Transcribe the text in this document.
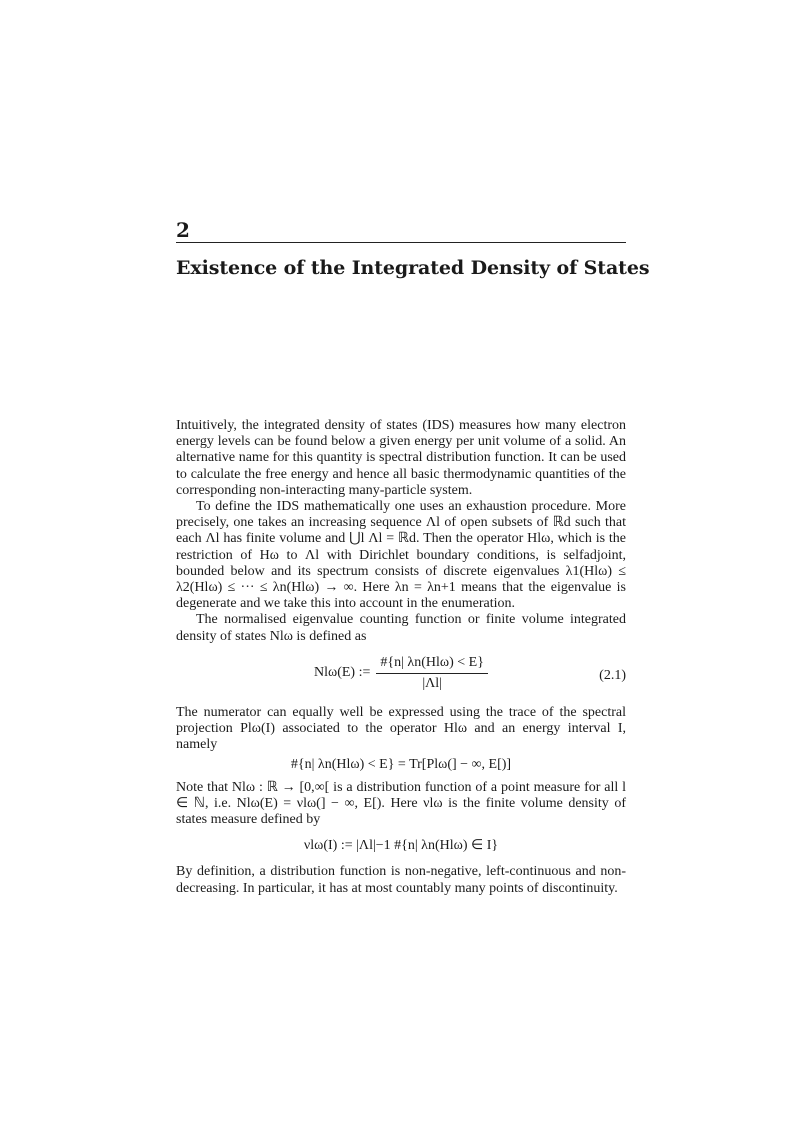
2
Existence of the Integrated Density of States

Intuitively, the integrated density of states (IDS) measures how many electron energy levels can be found below a given energy per unit volume of a solid. An alternative name for this quantity is spectral distribution function. It can be used to calculate the free energy and hence all basic thermodynamic quantities of the corresponding non-interacting many-particle system.

To define the IDS mathematically one uses an exhaustion procedure. More precisely, one takes an increasing sequence Λl of open subsets of ℝd such that each Λl has finite volume and ⋃l Λl = ℝd. Then the operator Hlω, which is the restriction of Hω to Λl with Dirichlet boundary conditions, is selfadjoint, bounded below and its spectrum consists of discrete eigenvalues λ1(Hlω) ≤ λ2(Hlω) ≤ ··· ≤ λn(Hlω) → ∞. Here λn = λn+1 means that the eigenvalue is degenerate and we take this into account in the enumeration.

The normalised eigenvalue counting function or finite volume integrated density of states Nlω is defined as

Nlω(E) := $\frac{\text{\#\{n| λn(Hlω) < E\}}}{|\Lambda l|}$	(2.1)

The numerator can equally well be expressed using the trace of the spectral projection Plω(I) associated to the operator Hlω and an energy interval I, namely

#{n| λn(Hlω) < E} = Tr[Plω(] − ∞, E[)]

Note that Nlω : ℝ → [0,∞[ is a distribution function of a point measure for all l ∈ ℕ, i.e. Nlω(E) = νlω(] − ∞, E[). Here νlω is the finite volume density of states measure defined by

νlω(I) := |Λl|−1 #{n| λn(Hlω) ∈ I}

By definition, a distribution function is non-negative, left-continuous and non-decreasing. In particular, it has at most countably many points of discontinuity.
